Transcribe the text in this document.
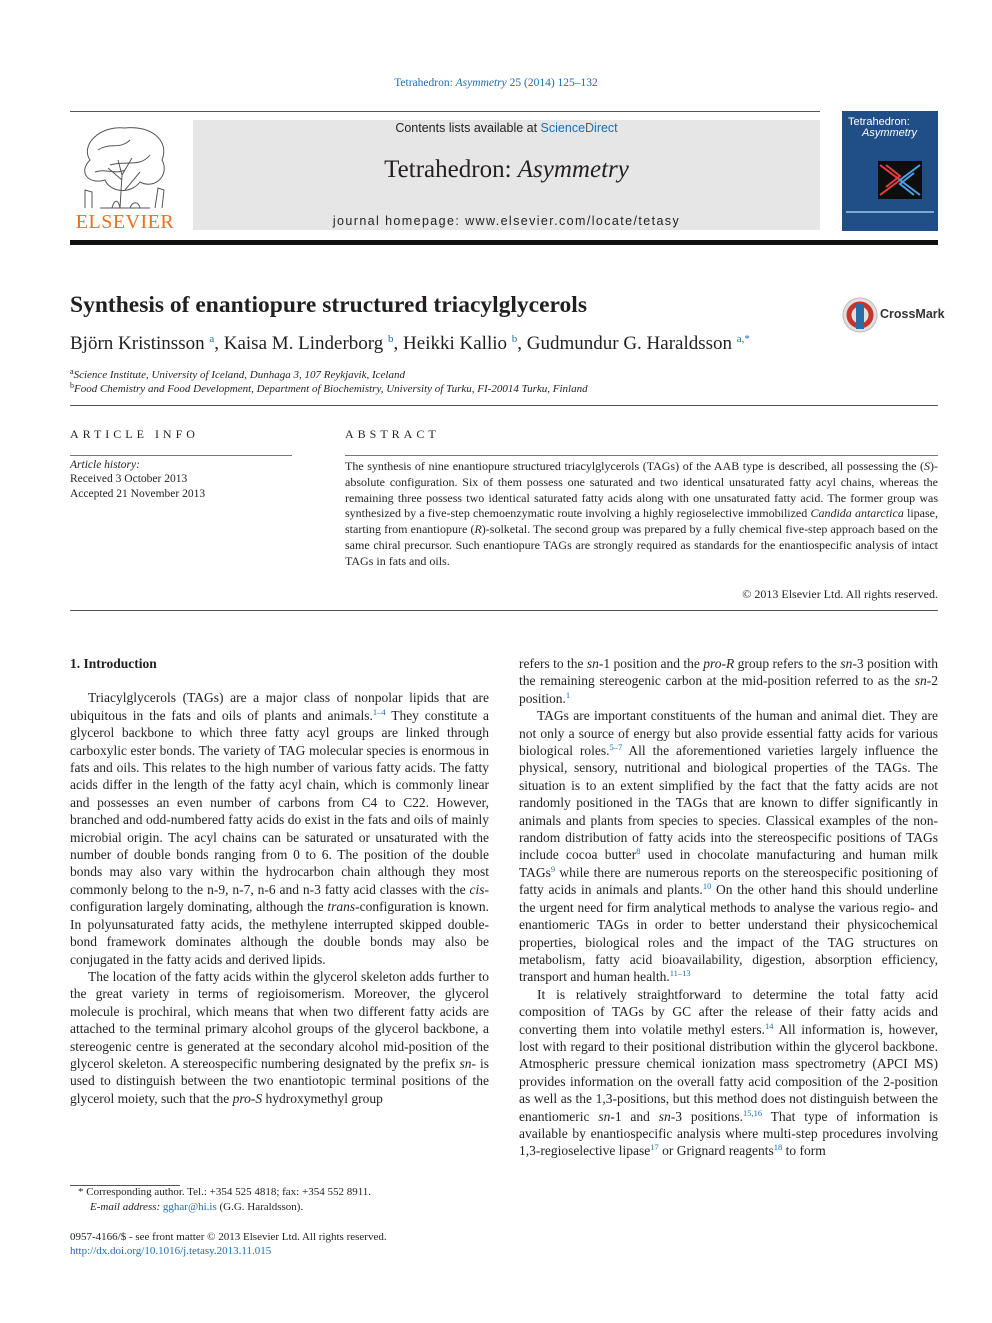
Tetrahedron: Asymmetry 25 (2014) 125–132
ELSEVIER
Contents lists available at ScienceDirect
Tetrahedron: Asymmetry
journal homepage: www.elsevier.com/locate/tetasy
Tetrahedron:
Asymmetry
Synthesis of enantiopure structured triacylglycerols	CrossMark
Björn Kristinsson $^a$, Kaisa M. Linderborg $^b$, Heikki Kallio $^b$, Gudmundur G. Haraldsson $^{a,*}$
$^a$Science Institute, University of Iceland, Dunhaga 3, 107 Reykjavik, Iceland
$^b$Food Chemistry and Food Development, Department of Biochemistry, University of Turku, FI-20014 Turku, Finland
ARTICLE INFO
Article history:
Received 3 October 2013
Accepted 21 November 2013
ABSTRACT
The synthesis of nine enantiopure structured triacylglycerols (TAGs) of the AAB type is described, all possessing the (S)-absolute configuration. Six of them possess one saturated and two identical unsaturated fatty acyl chains, whereas the remaining three possess two identical saturated fatty acids along with one unsaturated fatty acid. The former group was synthesized by a five-step chemoenzymatic route involving a highly regioselective immobilized Candida antarctica lipase, starting from enantiopure (R)-solketal. The second group was prepared by a fully chemical five-step approach based on the same chiral precursor. Such enantiopure TAGs are strongly required as standards for the enantiospecific analysis of intact TAGs in fats and oils.
© 2013 Elsevier Ltd. All rights reserved.

1. Introduction

Triacylglycerols (TAGs) are a major class of nonpolar lipids that are ubiquitous in the fats and oils of plants and animals.$^{1-4}$ They constitute a glycerol backbone to which three fatty acyl groups are linked through carboxylic ester bonds. The variety of TAG molecular species is enormous in fats and oils. This relates to the high number of various fatty acids. The fatty acids differ in the length of the fatty acyl chain, which is commonly linear and possesses an even number of carbons from C4 to C22. However, branched and odd-numbered fatty acids do exist in the fats and oils of mainly microbial origin. The acyl chains can be saturated or unsaturated with the number of double bonds ranging from 0 to 6. The position of the double bonds may also vary within the hydrocarbon chain although they most commonly belong to the n-9, n-7, n-6 and n-3 fatty acid classes with the cis-configuration largely dominating, although the trans-configuration is known. In polyunsaturated fatty acids, the methylene interrupted skipped double-bond framework dominates although the double bonds may also be conjugated in the fatty acids and derived lipids.

The location of the fatty acids within the glycerol skeleton adds further to the great variety in terms of regioisomerism. Moreover, the glycerol molecule is prochiral, which means that when two different fatty acids are attached to the terminal primary alcohol groups of the glycerol backbone, a stereogenic centre is generated at the secondary alcohol mid-position of the glycerol skeleton. A stereospecific numbering designated by the prefix sn- is used to distinguish between the two enantiotopic terminal positions of the glycerol moiety, such that the pro-S hydroxymethyl group

refers to the sn-1 position and the pro-R group refers to the sn-3 position with the remaining stereogenic carbon at the mid-position referred to as the sn-2 position.$^1$

TAGs are important constituents of the human and animal diet. They are not only a source of energy but also provide essential fatty acids for various biological roles.$^{5-7}$ All the aforementioned varieties largely influence the physical, sensory, nutritional and biological properties of the TAGs. The situation is to an extent simplified by the fact that the fatty acids are not randomly positioned in the TAGs that are known to differ significantly in animals and plants from species to species. Classical examples of the non-random distribution of fatty acids into the stereospecific positions of TAGs include cocoa butter$^8$ used in chocolate manufacturing and human milk TAGs$^9$ while there are numerous reports on the stereospecific positioning of fatty acids in animals and plants.$^{10}$ On the other hand this should underline the urgent need for firm analytical methods to analyse the various regio- and enantiomeric TAGs in order to better understand their physicochemical properties, biological roles and the impact of the TAG structures on metabolism, fatty acid bioavailability, digestion, absorption efficiency, transport and human health.$^{11-13}$

It is relatively straightforward to determine the total fatty acid composition of TAGs by GC after the release of their fatty acids and converting them into volatile methyl esters.$^{14}$ All information is, however, lost with regard to their positional distribution within the glycerol backbone. Atmospheric pressure chemical ionization mass spectrometry (APCI MS) provides information on the overall fatty acid composition of the 2-position as well as the 1,3-positions, but this method does not distinguish between the enantiomeric sn-1 and sn-3 positions.$^{15,16}$ That type of information is available by enantiospecific analysis where multi-step procedures involving 1,3-regioselective lipase$^{17}$ or Grignard reagents$^{18}$ to form

* Corresponding author. Tel.: +354 525 4818; fax: +354 552 8911.
E-mail address: gghar@hi.is (G.G. Haraldsson).
0957-4166/$ - see front matter © 2013 Elsevier Ltd. All rights reserved.
http://dx.doi.org/10.1016/j.tetasy.2013.11.015
